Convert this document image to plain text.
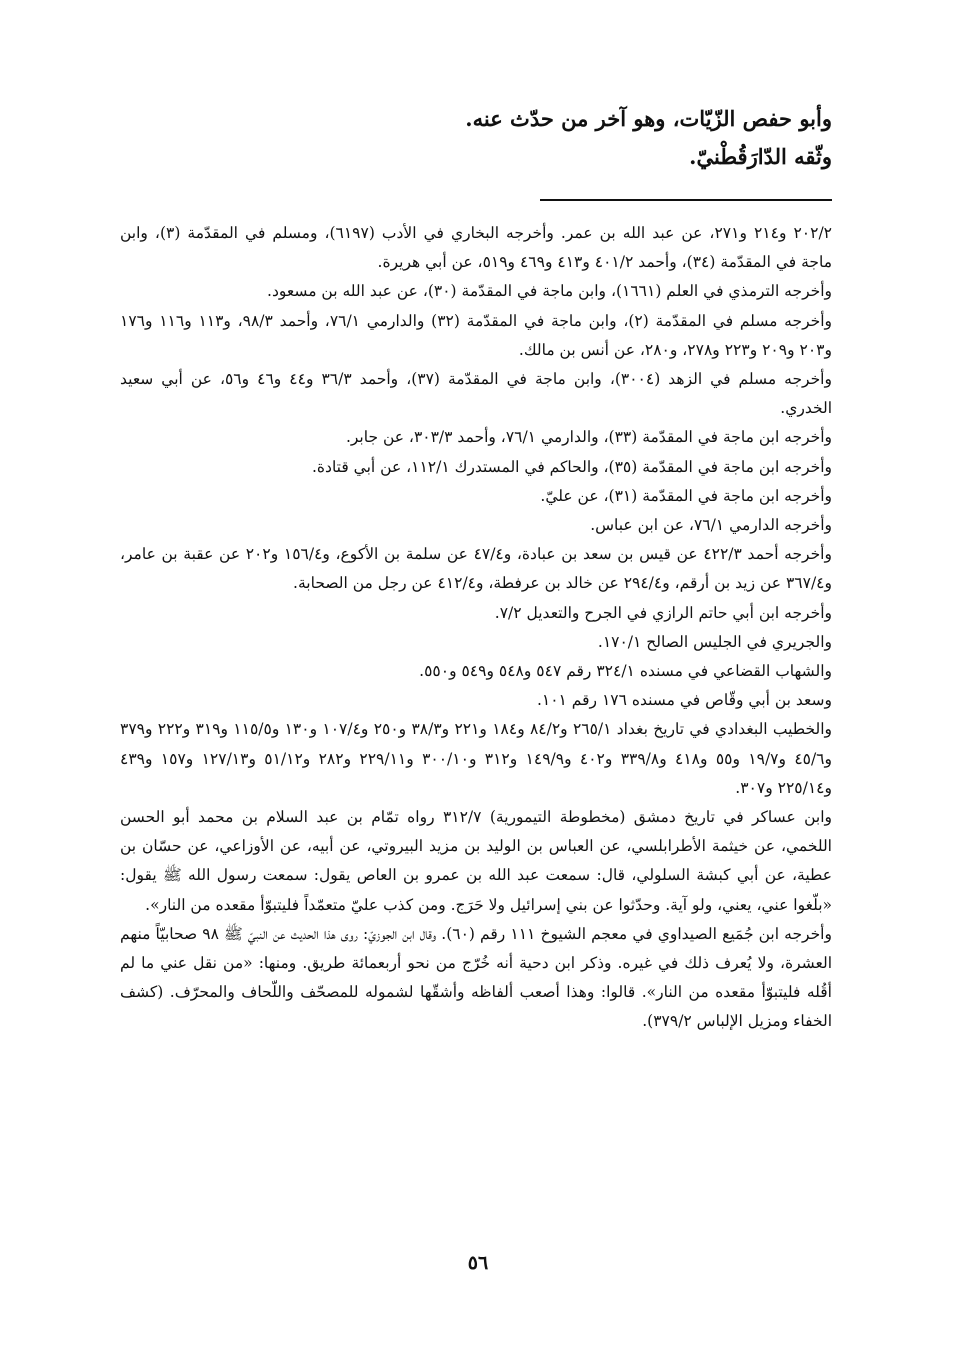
وأبو حفص الزّيّات، وهو آخر من حدّث عنه.
وثّقه الدّارَقُطْنيّ.

٢٠٢/٢ و٢١٤ و٢٧١، عن عبد الله بن عمر. وأخرجه البخاري في الأدب (٦١٩٧)، ومسلم في المقدّمة (٣)، وابن ماجة في المقدّمة (٣٤)، وأحمد ٤٠١/٢ و٤١٣ و٤٦٩ و٥١٩، عن أبي هريرة.

وأخرجه الترمذي في العلم (١٦٦١)، وابن ماجة في المقدّمة (٣٠)، عن عبد الله بن مسعود.

وأخرجه مسلم في المقدّمة (٢)، وابن ماجة في المقدّمة (٣٢) والدارمي ٧٦/١، وأحمد ٩٨/٣، و١١٣ و١١٦ و١٧٦ و٢٠٣ و٢٠٩ و٢٢٣ و٢٧٨، و٢٨٠، عن أنس بن مالك.

وأخرجه مسلم في الزهد (٣٠٠٤)، وابن ماجة في المقدّمة (٣٧)، وأحمد ٣٦/٣ و٤٤ و٤٦ و٥٦، عن أبي سعيد الخدري.

وأخرجه ابن ماجة في المقدّمة (٣٣)، والدارمي ٧٦/١، وأحمد ٣٠٣/٣، عن جابر.

وأخرجه ابن ماجة في المقدّمة (٣٥)، والحاكم في المستدرك ١١٢/١، عن أبي قتادة.

وأخرجه ابن ماجة في المقدّمة (٣١)، عن عليّ.

وأخرجه الدارمي ٧٦/١، عن ابن عباس.

وأخرجه أحمد ٤٢٢/٣ عن قيس بن سعد بن عبادة، و٤٧/٤ عن سلمة بن الأكوع، و١٥٦/٤ و٢٠٢ عن عقبة بن عامر، و٣٦٧/٤ عن زيد بن أرقم، و٢٩٤/٤ عن خالد بن عرفطة، و٤١٢/٤ عن رجل من الصحابة.

وأخرجه ابن أبي حاتم الرازي في الجرح والتعديل ٧/٢.

والجريري في الجليس الصالح ١٧٠/١.

والشهاب القضاعي في مسنده ٣٢٤/١ رقم ٥٤٧ و٥٤٨ و٥٤٩ و٥٥٠.

وسعد بن أبي وقّاص في مسنده ١٧٦ رقم ١٠١.

والخطيب البغدادي في تاريخ بغداد ٢٦٥/١ و٨٤/٢ و١٨٤ و٢٢١ و٣٨/٣ و٢٥٠ و١٠٧/٤ و١٣٠ و١١٥/٥ و٣١٩ و٢٢٢ و٣٧٩ و٤٥/٦ و١٩/٧ و٥٥ و٤١٨ و٣٣٩/٨ و٤٠٢ و١٤٩/٩ و٣١٢ و٣٠٠/١٠ و٢٢٩/١١ و٢٨٢ و٥١/١٢ و١٢٧/١٣ و١٥٧ و٤٣٩ و٢٢٥/١٤ و٣٠٧.

وابن عساكر في تاريخ دمشق (مخطوطة التيمورية) ٣١٢/٧ رواه تمّام بن عبد السلام بن محمد أبو الحسن اللخمي، عن خيثمة الأطرابلسي، عن العباس بن الوليد بن مزيد البيروتي، عن أبيه، عن الأوزاعي، عن حسّان بن عطية، عن أبي كبشة السلولي، قال: سمعت عبد الله بن عمرو بن العاص يقول: سمعت رسول الله ﷺ يقول: «بلّغوا عني، يعني، ولو آية. وحدّثوا عن بني إسرائيل ولا حَرَج. ومن كذب عليّ متعمّداً فليتبوّأ مقعده من النار».

وأخرجه ابن جُمَيع الصيداوي في معجم الشيوخ ١١١ رقم (٦٠). وقال ابن الجوزيّ: روى هذا الحديث عن النبيّ ﷺ ٩٨ صحابيّاً منهم العشرة، ولا يُعرف ذلك في غيره. وذكر ابن دحية أنه خُرّج من نحو أربعمائة طريق. ومنها: «من نقل عني ما لم أقُله فليتبوّأ مقعده من النار». قالوا: وهذا أصعب ألفاظه وأشقّها لشموله للمصحّف واللّحاف والمحرّف. (كشف الخفاء ومزيل الإلباس ٣٧٩/٢).

٥٦
